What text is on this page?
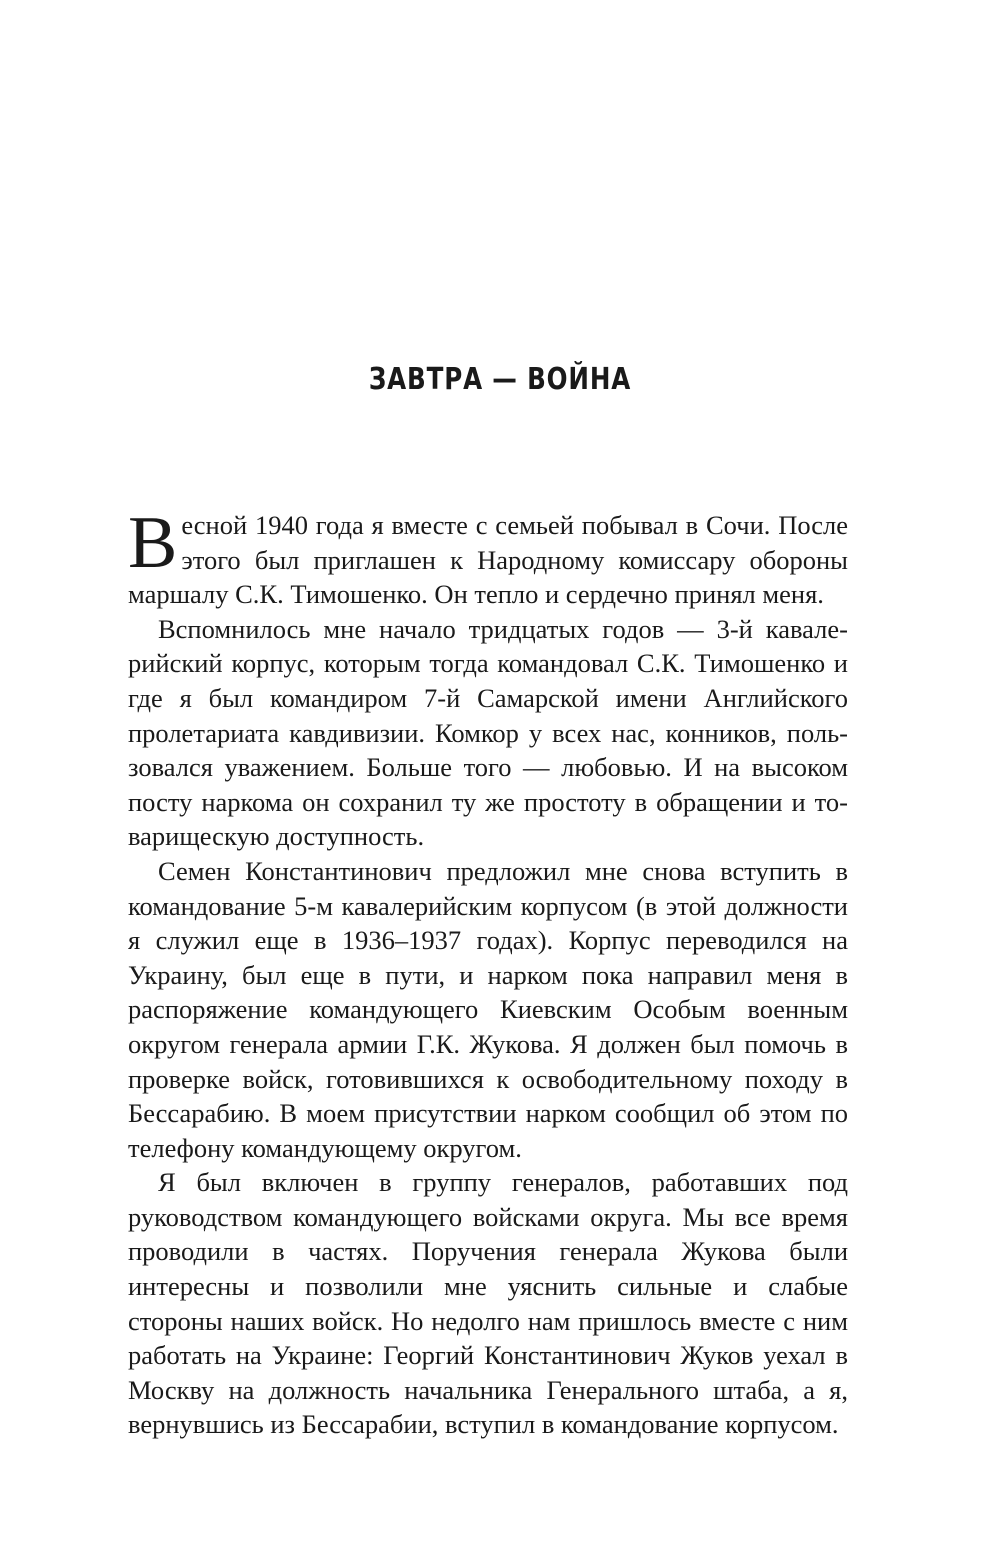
ЗАВТРА — ВОЙНА

Весной 1940 года я вместе с семьей побывал в Сочи. После этого был приглашен к Народному комиссару обороны маршалу С.К. Тимошенко. Он тепло и сердечно принял меня.

Вспомнилось мне начало тридцатых годов — 3-й кавалерийский корпус, которым тогда командовал С.К. Тимошенко и где я был командиром 7-й Самарской имени Английского пролетариата кавдивизии. Комкор у всех нас, конников, пользовался уважением. Больше того — любовью. И на высоком посту наркома он сохранил ту же простоту в обращении и товарищескую доступность.

Семен Константинович предложил мне снова вступить в командование 5-м кавалерийским корпусом (в этой должности я служил еще в 1936–1937 годах). Корпус переводился на Украину, был еще в пути, и нарком пока направил меня в распоряжение командующего Киевским Особым военным округом генерала армии Г.К. Жукова. Я должен был помочь в проверке войск, готовившихся к освободительному походу в Бессарабию. В моем присутствии нарком сообщил об этом по телефону командующему округом.

Я был включен в группу генералов, работавших под руководством командующего войсками округа. Мы все время проводили в частях. Поручения генерала Жукова были интересны и позволили мне уяснить сильные и слабые стороны наших войск. Но недолго нам пришлось вместе с ним работать на Украине: Георгий Константинович Жуков уехал в Москву на должность начальника Генерального штаба, а я, вернувшись из Бессарабии, вступил в командование корпусом.
